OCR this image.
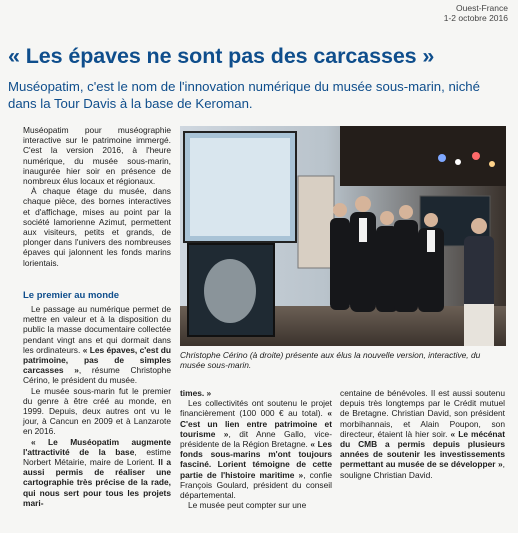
Ouest-France
1-2 octobre 2016
« Les épaves ne sont pas des carcasses »

Muséopatim, c'est le nom de l'innovation numérique du musée sous-marin, niché dans la Tour Davis à la base de Keroman.

Muséopatim pour muséographie interactive sur le patrimoine immergé. C'est la version 2016, à l'heure numérique, du musée sous-marin, inaugurée hier soir en présence de nombreux élus locaux et régionaux.

À chaque étage du musée, dans chaque pièce, des bornes interactives et d'affichage, mises au point par la société lamorienne Azimut, permettent aux visiteurs, petits et grands, de plonger dans l'univers des nombreuses épaves qui jalonnent les fonds marins lorientais.

Le premier au monde

Le passage au numérique permet de mettre en valeur et à la disposition du public la masse documentaire collectée pendant vingt ans et qui dormait dans les ordinateurs. « Les épaves, c'est du patrimoine, pas de simples carcasses », résume Christophe Cérino, le président du musée.

Le musée sous-marin fut le premier du genre à être créé au monde, en 1999. Depuis, deux autres ont vu le jour, à Cancun en 2009 et à Lanzarote en 2016.

« Le Muséopatim augmente l'attractivité de la base, estime Norbert Métairie, maire de Lorient. Il a aussi permis de réaliser une cartographie très précise de la rade, qui nous sert pour tous les projets mari-

Christophe Cérino (à droite) présente aux élus la nouvelle version, interactive, du musée sous-marin.

times. »

Les collectivités ont soutenu le projet financièrement (100 000 € au total). « C'est un lien entre patrimoine et tourisme », dit Anne Gallo, vice-présidente de la Région Bretagne. « Les fonds sous-marins m'ont toujours fasciné. Lorient témoigne de cette partie de l'histoire maritime », confie François Goulard, président du conseil départemental.

Le musée peut compter sur une

centaine de bénévoles. Il est aussi soutenu depuis très longtemps par le Crédit mutuel de Bretagne. Christian David, son président morbihannais, et Alain Poupon, son directeur, étaient là hier soir. « Le mécénat du CMB a permis depuis plusieurs années de soutenir les investissements permettant au musée de se développer », souligne Christian David.
